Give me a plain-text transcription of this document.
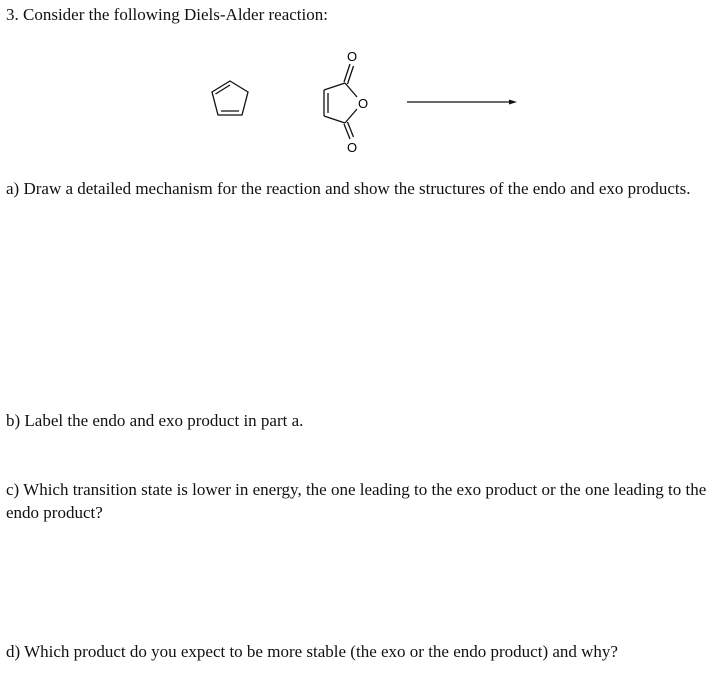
3. Consider the following Diels-Alder reaction:

O
O
O

a) Draw a detailed mechanism for the reaction and show the structures of the endo and exo products.

b) Label the endo and exo product in part a.

c) Which transition state is lower in energy, the one leading to the exo product or the one leading to the endo product?

d) Which product do you expect to be more stable (the exo or the endo product) and why?
